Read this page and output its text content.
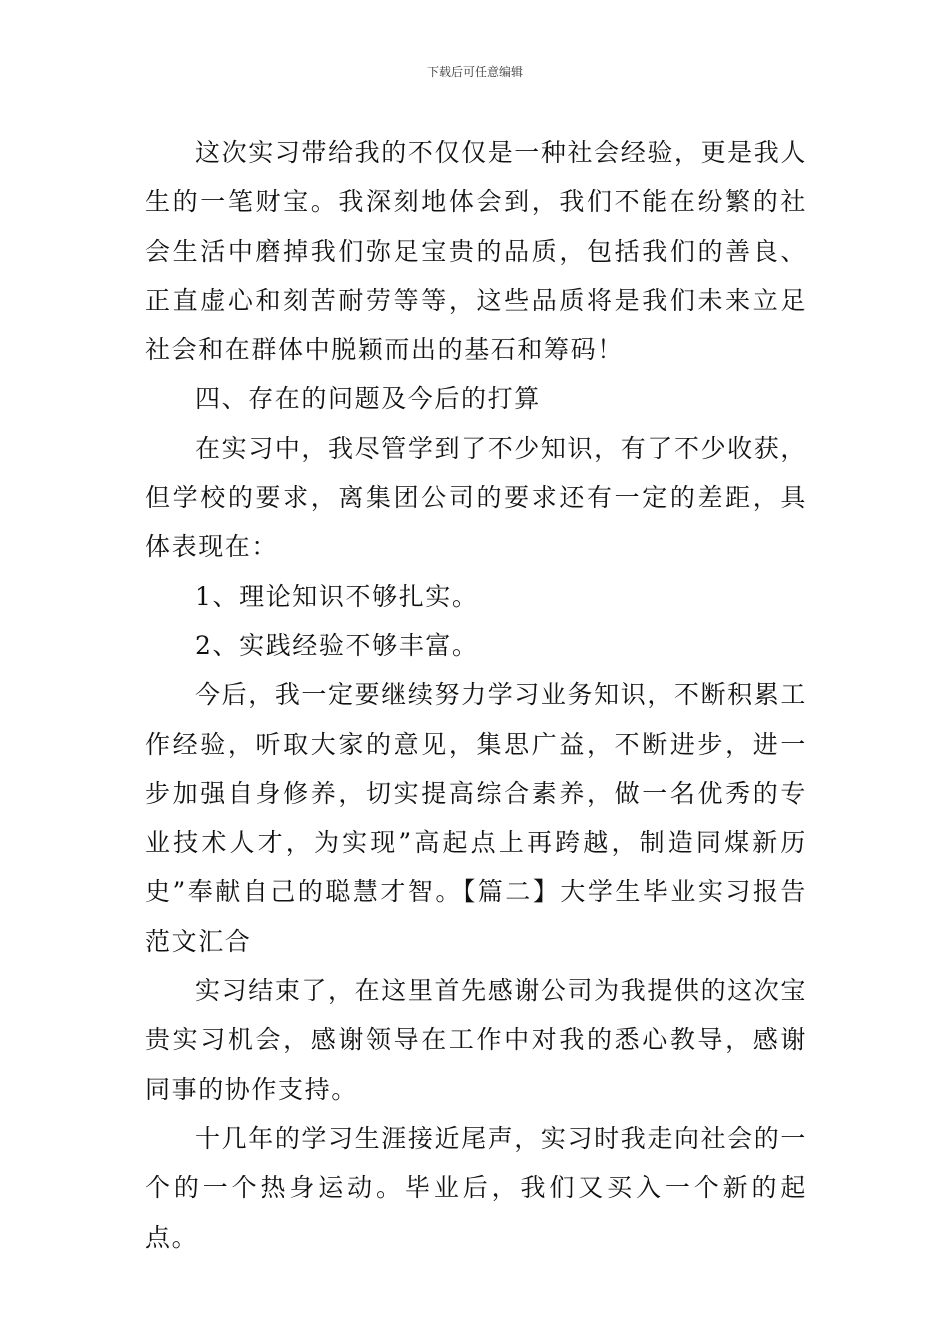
下载后可任意编辑

这次实习带给我的不仅仅是一种社会经验，更是我人生的一笔财宝。我深刻地体会到，我们不能在纷繁的社会生活中磨掉我们弥足宝贵的品质，包括我们的善良、正直虚心和刻苦耐劳等等，这些品质将是我们未来立足社会和在群体中脱颖而出的基石和筹码！

四、存在的问题及今后的打算

在实习中，我尽管学到了不少知识，有了不少收获，但学校的要求，离集团公司的要求还有一定的差距，具体表现在：

1、理论知识不够扎实。

2、实践经验不够丰富。

今后，我一定要继续努力学习业务知识，不断积累工作经验，听取大家的意见，集思广益，不断进步，进一步加强自身修养，切实提高综合素养，做一名优秀的专业技术人才，为实现”高起点上再跨越，制造同煤新历史”奉献自己的聪慧才智。【篇二】大学生毕业实习报告范文汇合

实习结束了，在这里首先感谢公司为我提供的这次宝贵实习机会，感谢领导在工作中对我的悉心教导，感谢同事的协作支持。

十几年的学习生涯接近尾声，实习时我走向社会的一个的一个热身运动。毕业后，我们又买入一个新的起点。
